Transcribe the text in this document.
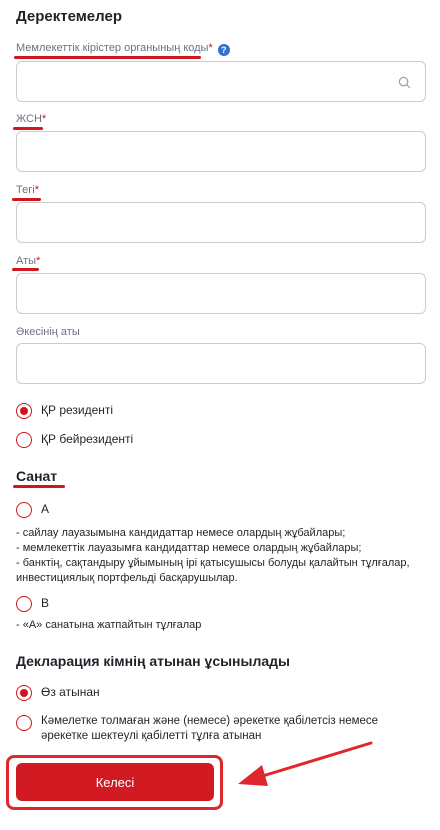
Деректемелер
Мемлекеттік кірістер органының коды* ?
ЖСН*
Тегі*
Аты*
Әкесінің аты
ҚР резиденті
ҚР бейрезиденті
Санат
А
- сайлау лауазымына кандидаттар немесе олардың жұбайлары;
- мемлекеттік лауазымға кандидаттар немесе олардың жұбайлары;
- банктің, сақтандыру ұйымының ірі қатысушысы болуды қалайтын тұлғалар, инвестициялық портфельді басқарушылар.
В
- «А» санатына жатпайтын тұлғалар
Декларация кімнің атынан ұсынылады
Өз атынан
Кәмелетке толмаған және (немесе) әрекетке қабілетсіз немесе әрекетке шектеулі қабілетті тұлға атынан
Келесі
